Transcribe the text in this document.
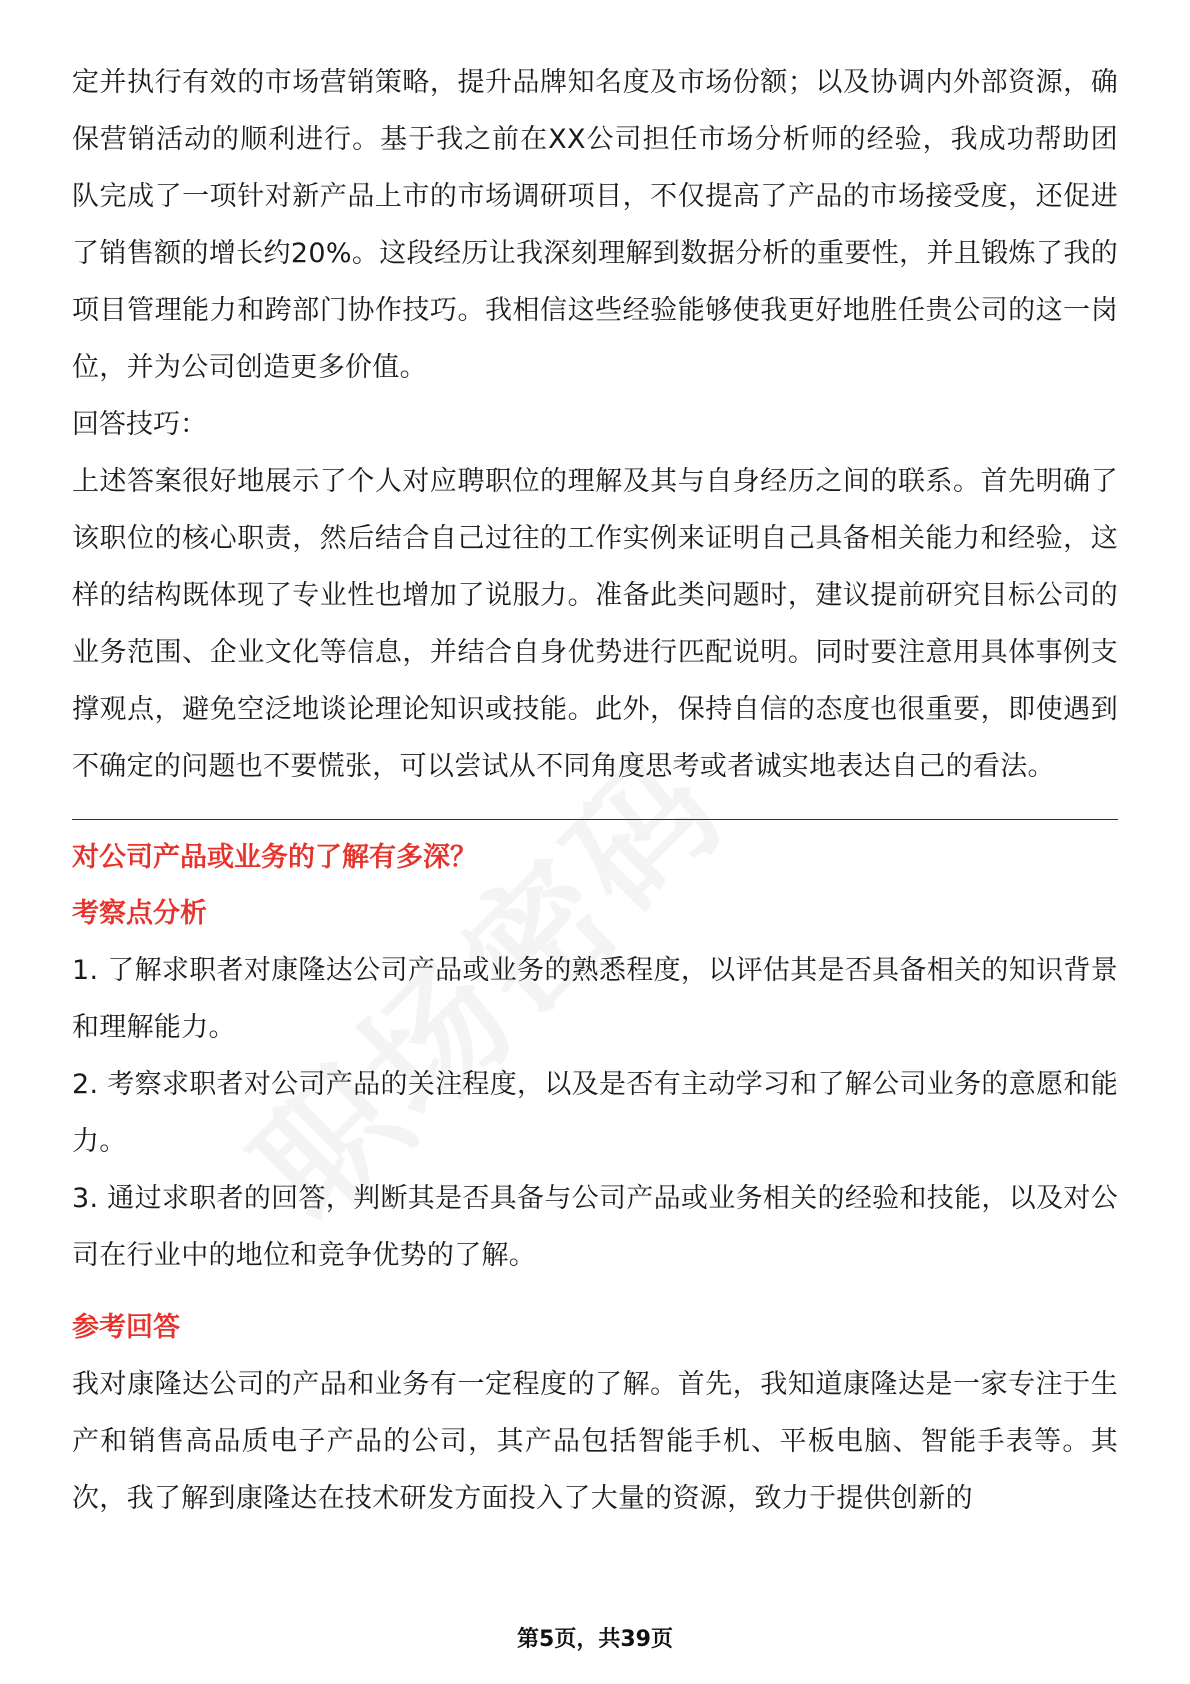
定并执行有效的市场营销策略，提升品牌知名度及市场份额；以及协调内外部资源，确保营销活动的顺利进行。基于我之前在XX公司担任市场分析师的经验，我成功帮助团队完成了一项针对新产品上市的市场调研项目，不仅提高了产品的市场接受度，还促进了销售额的增长约20%。这段经历让我深刻理解到数据分析的重要性，并且锻炼了我的项目管理能力和跨部门协作技巧。我相信这些经验能够使我更好地胜任贵公司的这一岗位，并为公司创造更多价值。

回答技巧：

上述答案很好地展示了个人对应聘职位的理解及其与自身经历之间的联系。首先明确了该职位的核心职责，然后结合自己过往的工作实例来证明自己具备相关能力和经验，这样的结构既体现了专业性也增加了说服力。准备此类问题时，建议提前研究目标公司的业务范围、企业文化等信息，并结合自身优势进行匹配说明。同时要注意用具体事例支撑观点，避免空泛地谈论理论知识或技能。此外，保持自信的态度也很重要，即使遇到不确定的问题也不要慌张，可以尝试从不同角度思考或者诚实地表达自己的看法。

对公司产品或业务的了解有多深？

考察点分析

1. 了解求职者对康隆达公司产品或业务的熟悉程度，以评估其是否具备相关的知识背景和理解能力。

2. 考察求职者对公司产品的关注程度，以及是否有主动学习和了解公司业务的意愿和能力。

3. 通过求职者的回答，判断其是否具备与公司产品或业务相关的经验和技能，以及对公司在行业中的地位和竞争优势的了解。

参考回答

我对康隆达公司的产品和业务有一定程度的了解。首先，我知道康隆达是一家专注于生产和销售高品质电子产品的公司，其产品包括智能手机、平板电脑、智能手表等。其次，我了解到康隆达在技术研发方面投入了大量的资源，致力于提供创新的

第5页，共39页
